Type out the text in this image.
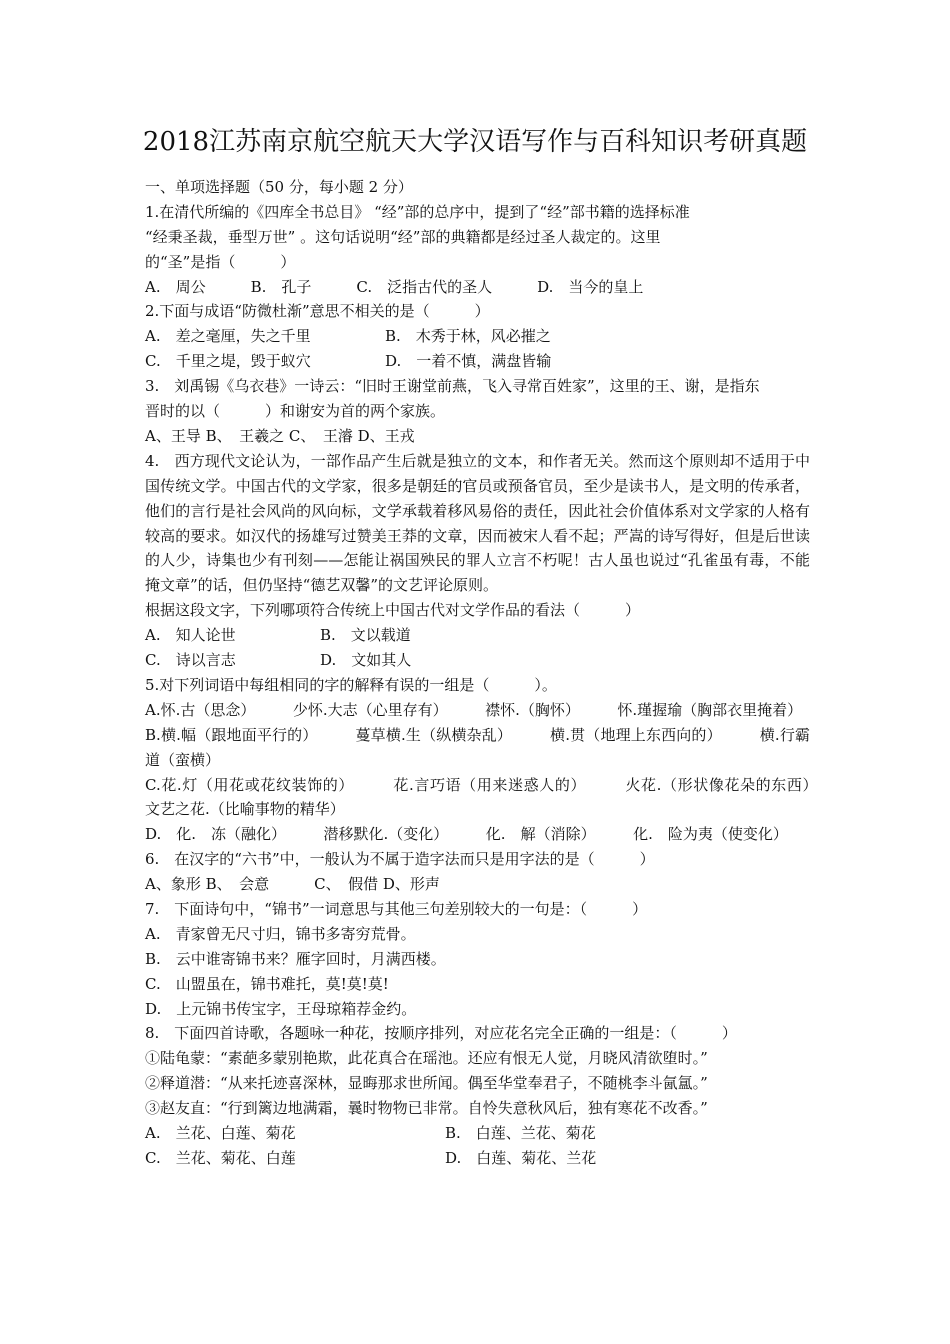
2018江苏南京航空航天大学汉语写作与百科知识考研真题
一、单项选择题（50 分，每小题 2 分）
1.在清代所编的《四库全书总目》 “经”部的总序中，提到了“经”部书籍的选择标准
“经秉圣裁，垂型万世” 。这句话说明“经”部的典籍都是经过圣人裁定的。这里
的“圣”是指（　　　）
A.　周公　　　B.　孔子　　　C.　泛指古代的圣人　　　D.　当今的皇上
2.下面与成语“防微杜渐”意思不相关的是（　　　）
A.　差之毫厘，失之千里	B.　木秀于林，风必摧之
C.　千里之堤，毁于蚁穴	D.　一着不慎，满盘皆输
3.　刘禹锡《乌衣巷》一诗云：“旧时王谢堂前燕，飞入寻常百姓家”，这里的王、谢，是指东
晋时的以（　　　）和谢安为首的两个家族。
A、王导 B、　王羲之 C、　王濬 D、王戎
4.　西方现代文论认为，一部作品产生后就是独立的文本，和作者无关。然而这个原则却不适用于中国传统文学。中国古代的文学家，很多是朝廷的官员或预备官员，至少是读书人，是文明的传承者，他们的言行是社会风尚的风向标，文学承载着移风易俗的责任，因此社会价值体系对文学家的人格有较高的要求。如汉代的扬雄写过赞美王莽的文章，因而被宋人看不起；严嵩的诗写得好，但是后世读的人少，诗集也少有刊刻——怎能让祸国殃民的罪人立言不朽呢！古人虽也说过“孔雀虽有毒，不能掩文章”的话，但仍坚持“德艺双馨”的文艺评论原则。
根据这段文字，下列哪项符合传统上中国古代对文学作品的看法（　　　）
A.　知人论世	B.　文以载道
C.　诗以言志	D.　文如其人
5.对下列词语中每组相同的字的解释有误的一组是（　　　）。
A.怀.古（思念）　　　少怀.大志（心里存有）　　　襟怀.（胸怀）　　　怀.瑾握瑜（胸部衣里掩着）
B.横.幅（跟地面平行的）　　　蔓草横.生（纵横杂乱）　　　横.贯（地理上东西向的）　　　横.行霸道（蛮横）
C.花.灯（用花或花纹装饰的）　　　花.言巧语（用来迷惑人的）　　　火花.（形状像花朵的东西）　　　文艺之花.（比喻事物的精华）
D.　化.　冻（融化）　　　潜移默化.（变化）　　　化.　解（消除）　　　化.　险为夷（使变化）
6.　在汉字的“六书”中，一般认为不属于造字法而只是用字法的是（　　　）
A、象形 B、　会意　　　C、　假借 D、形声
7.　下面诗句中，“锦书”一词意思与其他三句差别较大的一句是：（　　　）
A.　青家曾无尺寸归，锦书多寄穷荒骨。
B.　云中谁寄锦书来？雁字回时，月满西楼。
C.　山盟虽在，锦书难托，莫!莫!莫!
D.　上元锦书传宝字，王母琼箱荐金约。
8.　下面四首诗歌，各题咏一种花，按顺序排列，对应花名完全正确的一组是：（　　　）
①陆龟蒙：“素葩多蒙别艳欺，此花真合在瑶池。还应有恨无人觉，月晓风清欲堕时。”
②释道潜：“从来托迹喜深林，显晦那求世所闻。偶至华堂奉君子，不随桃李斗氤氲。”
③赵友直：“行到篱边地满霜，曩时物物已非常。自怜失意秋风后，独有寒花不改香。”
A.　兰花、白莲、菊花	B.　白莲、兰花、菊花
C.　兰花、菊花、白莲	D.　白莲、菊花、兰花
